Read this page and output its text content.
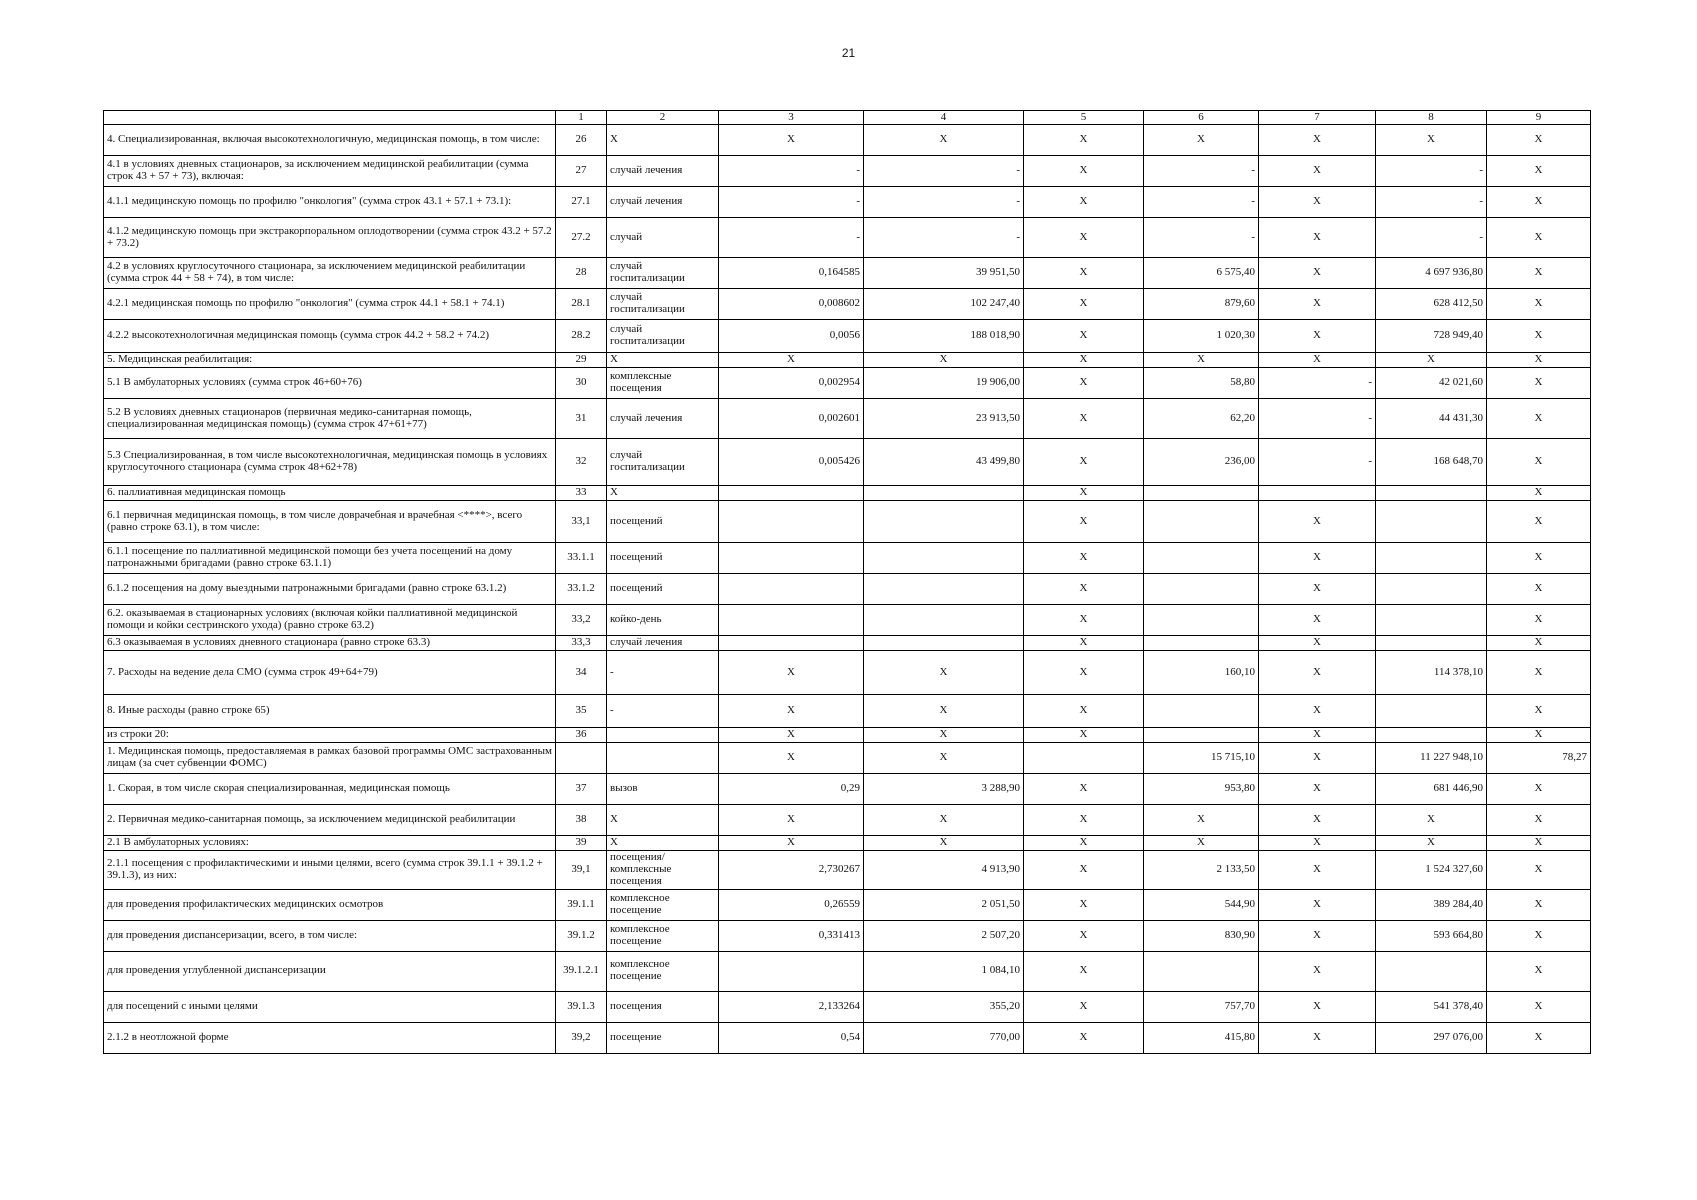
21
	1	2	3	4	5	6	7	8	9
4. Специализированная, включая высокотехнологичную, медицинская помощь, в том числе:	26	X	X	X	X	X	X	X	X
4.1 в условиях дневных стационаров, за исключением медицинской реабилитации (сумма строк 43 + 57 + 73), включая:	27	случай лечения	-	-	X	-	X	-	X
4.1.1 медицинскую помощь по профилю "онкология" (сумма строк 43.1 + 57.1 + 73.1):	27.1	случай лечения	-	-	X	-	X	-	X
4.1.2 медицинскую помощь при экстракорпоральном оплодотворении (сумма строк 43.2 + 57.2 + 73.2)	27.2	случай	-	-	X	-	X	-	X
4.2 в условиях круглосуточного стационара, за исключением медицинской реабилитации (сумма строк 44 + 58 + 74), в том числе:	28	случай госпитализации	0,164585	39 951,50	X	6 575,40	X	4 697 936,80	X
4.2.1 медицинская помощь по профилю "онкология" (сумма строк 44.1 + 58.1 + 74.1)	28.1	случай госпитализации	0,008602	102 247,40	X	879,60	X	628 412,50	X
4.2.2 высокотехнологичная медицинская помощь (сумма строк 44.2 + 58.2 + 74.2)	28.2	случай госпитализации	0,0056	188 018,90	X	1 020,30	X	728 949,40	X
5. Медицинская реабилитация:	29	X	X	X	X	X	X	X	X
5.1 В амбулаторных условиях (сумма строк 46+60+76)	30	комплексные посещения	0,002954	19 906,00	X	58,80	-	42 021,60	X
5.2 В условиях дневных стационаров (первичная медико-санитарная помощь, специализированная медицинская помощь) (сумма строк 47+61+77)	31	случай лечения	0,002601	23 913,50	X	62,20	-	44 431,30	X
5.3 Специализированная, в том числе высокотехнологичная, медицинская помощь в условиях круглосуточного стационара (сумма строк 48+62+78)	32	случай госпитализации	0,005426	43 499,80	X	236,00	-	168 648,70	X
6. паллиативная медицинская помощь	33	X			X				X
6.1 первичная медицинская помощь, в том числе доврачебная и врачебная <****>, всего (равно строке 63.1), в том числе:	33,1	посещений			X		X		X
6.1.1 посещение по паллиативной медицинской помощи без учета посещений на дому патронажными бригадами (равно строке 63.1.1)	33.1.1	посещений			X		X		X
6.1.2 посещения на дому выездными патронажными бригадами (равно строке 63.1.2)	33.1.2	посещений			X		X		X
6.2. оказываемая в стационарных условиях (включая койки паллиативной медицинской помощи и койки сестринского ухода) (равно строке 63.2)	33,2	койко-день			X		X		X
6.3 оказываемая в условиях дневного стационара (равно строке 63.3)	33,3	случай лечения			X		X		X
7. Расходы на ведение дела СМО (сумма строк 49+64+79)	34	-	X	X	X	160,10	X	114 378,10	X
8. Иные расходы (равно строке 65)	35	-	X	X	X		X		X
из строки 20:	36		X	X	X		X		X
1. Медицинская помощь, предоставляемая в рамках базовой программы ОМС застрахованным лицам (за счет субвенции ФОМС)			X	X		15 715,10	X	11 227 948,10	78,27
1. Скорая, в том числе скорая специализированная, медицинская помощь	37	вызов	0,29	3 288,90	X	953,80	X	681 446,90	X
2. Первичная медико-санитарная помощь, за исключением медицинской реабилитации	38	X	X	X	X	X	X	X	X
2.1 В амбулаторных условиях:	39	X	X	X	X	X	X	X	X
2.1.1 посещения с профилактическими и иными целями, всего (сумма строк 39.1.1 + 39.1.2 + 39.1.3), из них:	39,1	посещения/комплексные посещения	2,730267	4 913,90	X	2 133,50	X	1 524 327,60	X
для проведения профилактических медицинских осмотров	39.1.1	комплексное посещение	0,26559	2 051,50	X	544,90	X	389 284,40	X
для проведения диспансеризации, всего, в том числе:	39.1.2	комплексное посещение	0,331413	2 507,20	X	830,90	X	593 664,80	X
для проведения углубленной диспансеризации	39.1.2.1	комплексное посещение		1 084,10	X		X		X
для посещений с иными целями	39.1.3	посещения	2,133264	355,20	X	757,70	X	541 378,40	X
2.1.2 в неотложной форме	39,2	посещение	0,54	770,00	X	415,80	X	297 076,00	X
